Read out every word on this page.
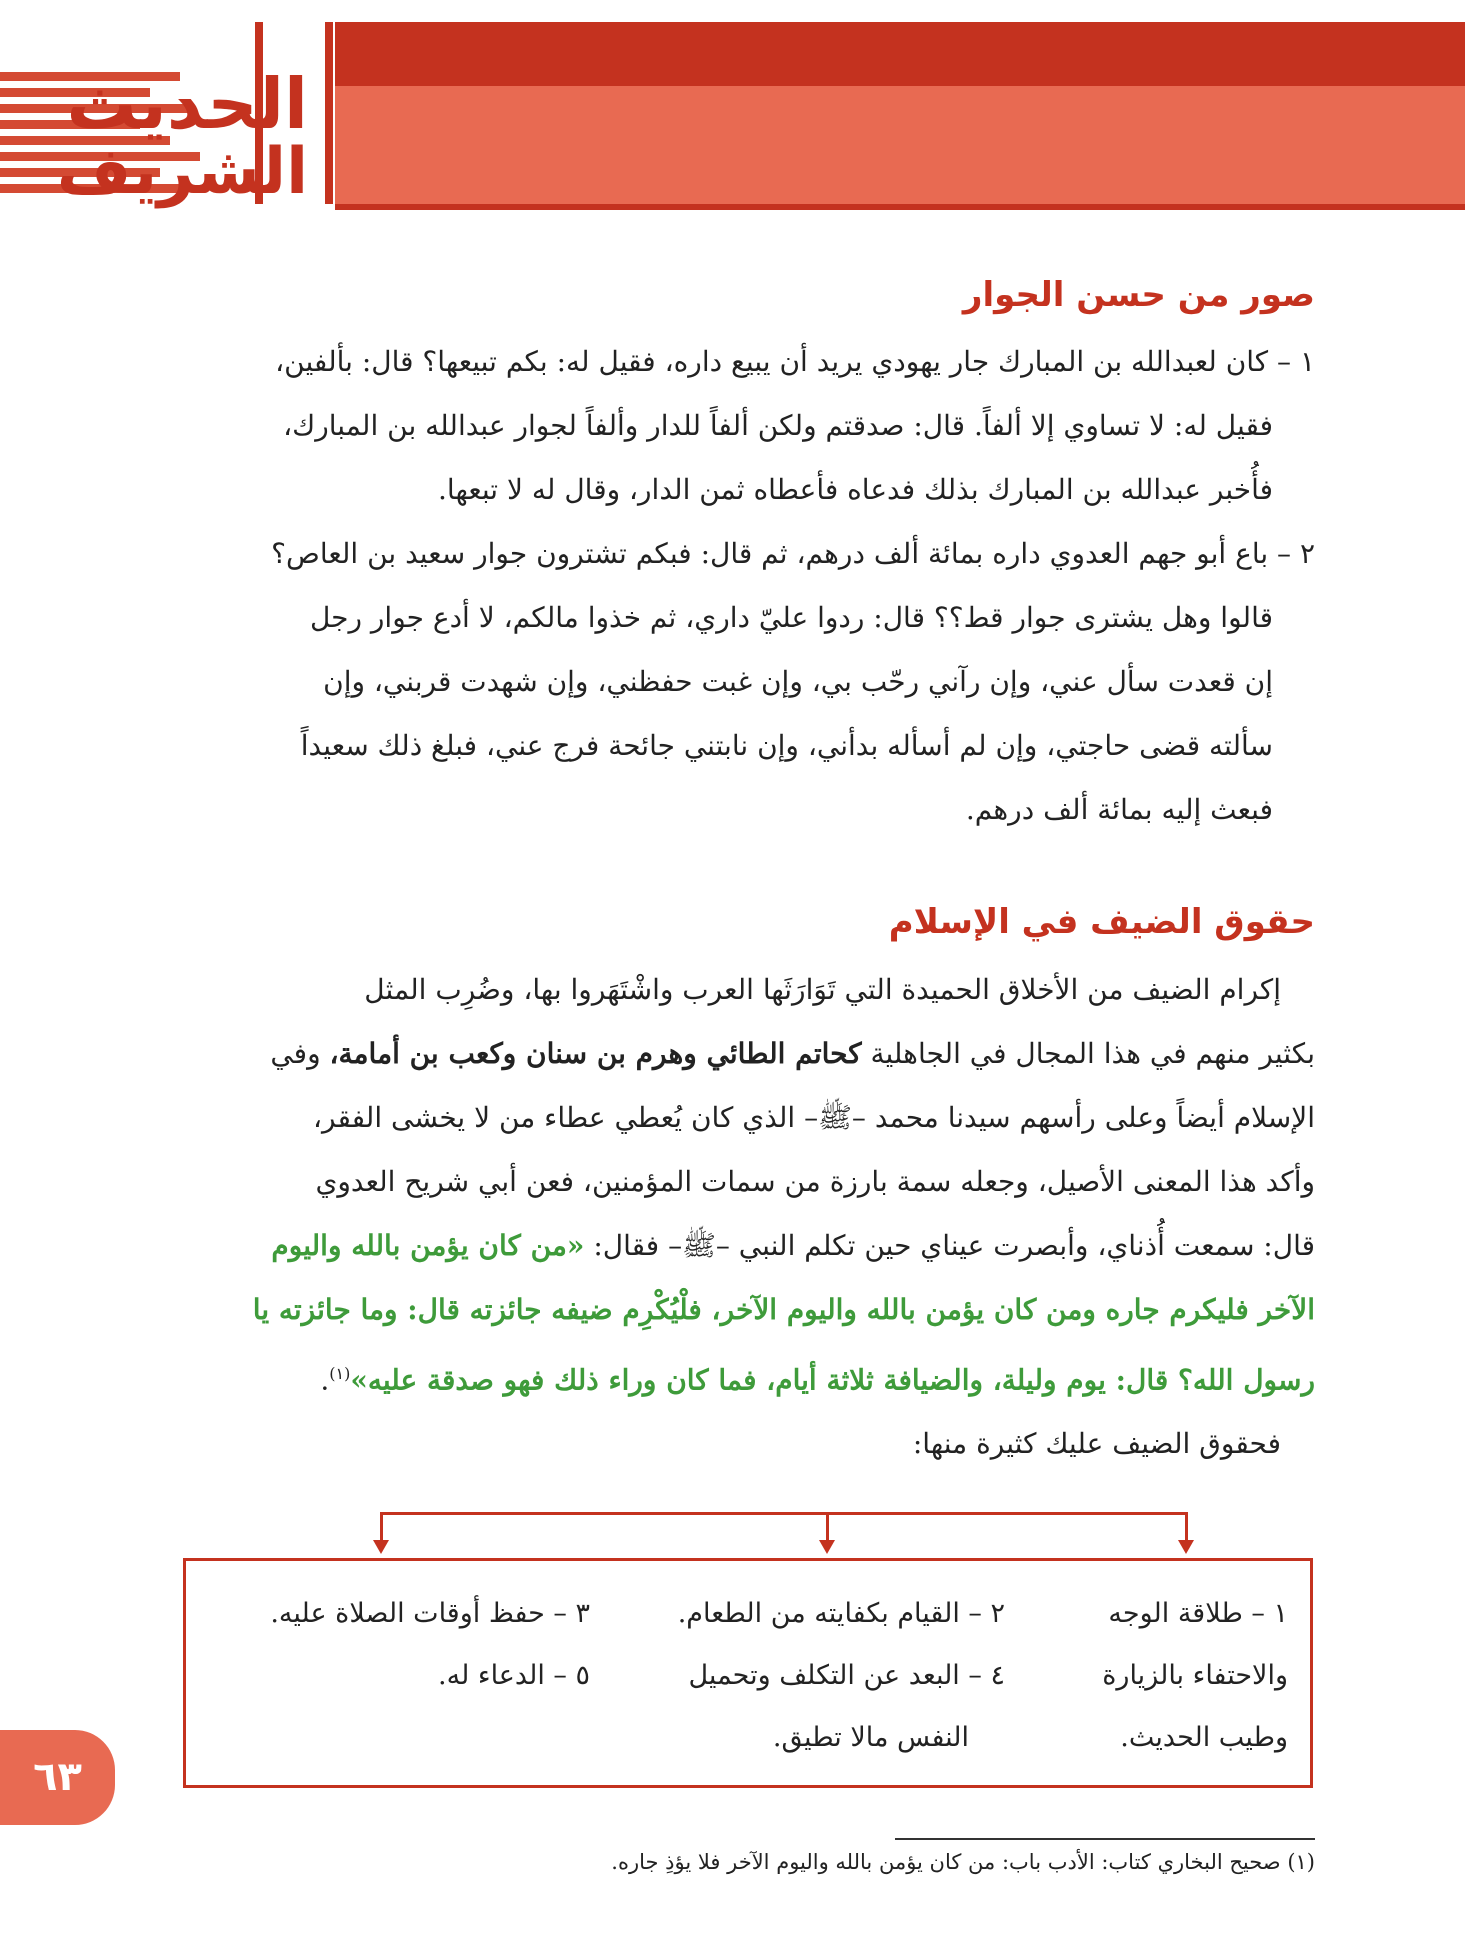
الحديث
الشريف
صور من حسن الجوار

١ – كان لعبدالله بن المبارك جار يهودي يريد أن يبيع داره، فقيل له: بكم تبيعها؟ قال: بألفين،

فقيل له: لا تساوي إلا ألفاً. قال: صدقتم ولكن ألفاً للدار وألفاً لجوار عبدالله بن المبارك،

فأُخبر عبدالله بن المبارك بذلك فدعاه فأعطاه ثمن الدار، وقال له لا تبعها.

٢ – باع أبو جهم العدوي داره بمائة ألف درهم، ثم قال: فبكم تشترون جوار سعيد بن العاص؟

قالوا وهل يشترى جوار قط؟؟ قال: ردوا عليّ داري، ثم خذوا مالكم، لا أدع جوار رجل

إن قعدت سأل عني، وإن رآني رحّب بي، وإن غبت حفظني، وإن شهدت قربني، وإن

سألته قضى حاجتي، وإن لم أسأله بدأني، وإن نابتني جائحة فرج عني، فبلغ ذلك سعيداً

فبعث إليه بمائة ألف درهم.

حقوق الضيف في الإسلام

إكرام الضيف من الأخلاق الحميدة التي تَوَارَثَها العرب واشْتَهَروا بها، وضُرِب المثل

بكثير منهم في هذا المجال في الجاهلية كحاتم الطائي وهرم بن سنان وكعب بن أمامة، وفي

الإسلام أيضاً وعلى رأسهم سيدنا محمد –ﷺ– الذي كان يُعطي عطاء من لا يخشى الفقر،

وأكد هذا المعنى الأصيل، وجعله سمة بارزة من سمات المؤمنين، فعن أبي شريح العدوي

قال: سمعت أُذناي، وأبصرت عيناي حين تكلم النبي –ﷺ– فقال: «من كان يؤمن بالله واليوم

الآخر فليكرم جاره ومن كان يؤمن بالله واليوم الآخر، فلْيُكْرِم ضيفه جائزته قال: وما جائزته يا

رسول الله؟ قال: يوم وليلة، والضيافة ثلاثة أيام، فما كان وراء ذلك فهو صدقة عليه»$^{(١)}$.

فحقوق الضيف عليك كثيرة منها:

١ – طلاقة الوجه
والاحتفاء بالزيارة
وطيب الحديث.
٢ – القيام بكفايته من الطعام.
٤ – البعد عن التكلف وتحميل
النفس مالا تطيق.
٣ – حفظ أوقات الصلاة عليه.
٥ – الدعاء له.
٦٣
(١) صحيح البخاري كتاب: الأدب باب: من كان يؤمن بالله واليوم الآخر فلا يؤذِ جاره.
